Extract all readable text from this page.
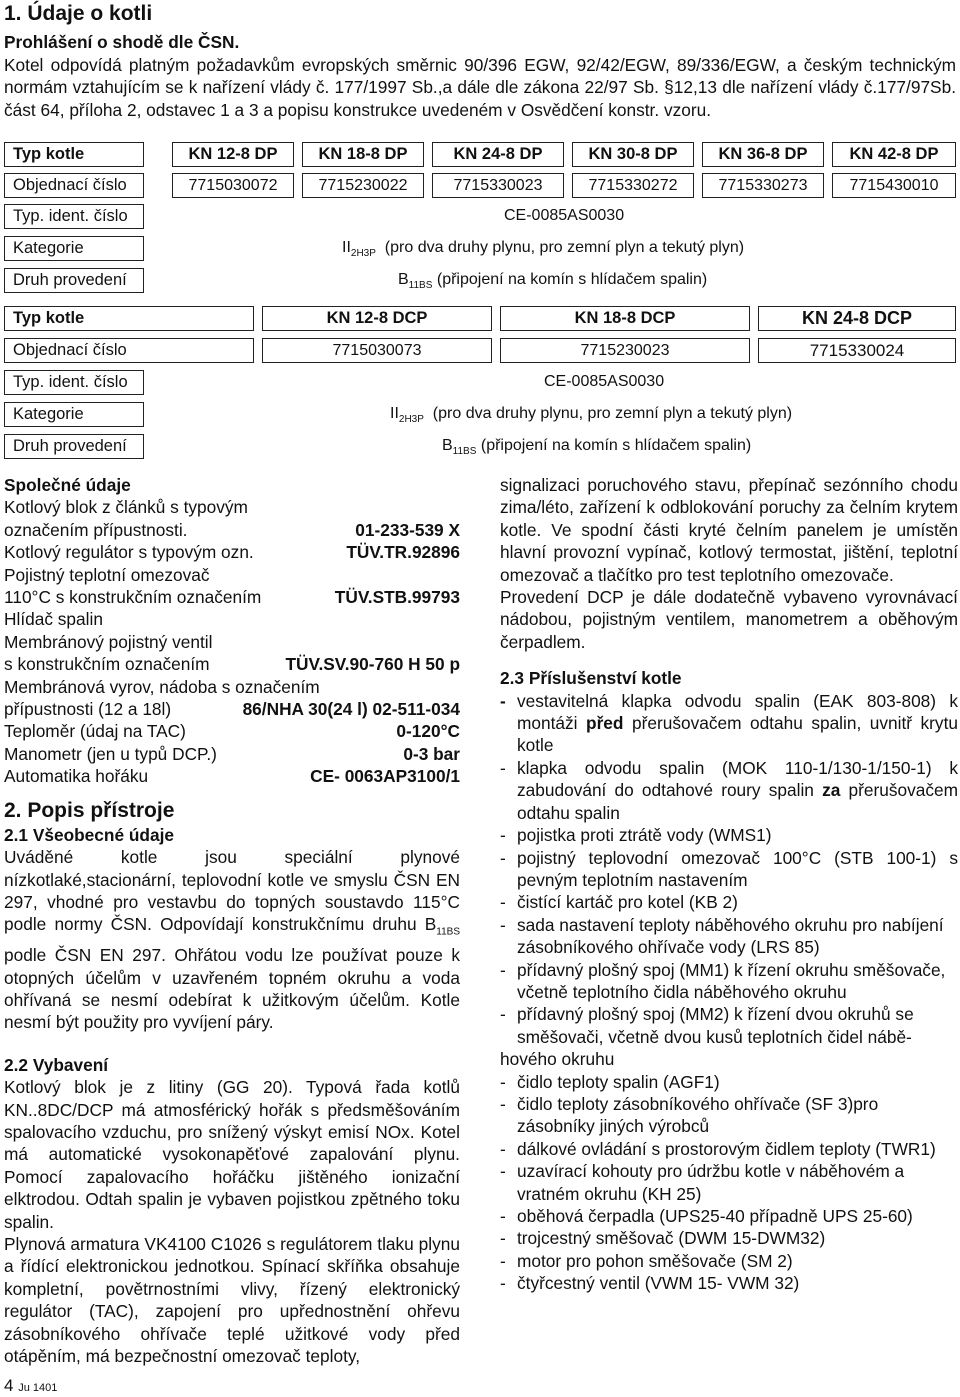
1. Údaje o kotli
Prohlášení o shodě dle ČSN.
Kotel odpovídá platným požadavkům evropských směrnic 90/396 EGW, 92/42/EGW, 89/336/EGW, a českým technickým normám vztahujícím se k nařízení vlády č. 177/1997 Sb.,a dále dle zákona 22/97 Sb. §12,13 dle nařízení vlády č.177/97Sb. část 64, příloha 2, odstavec 1 a 3 a popisu konstrukce uvedeném v Osvědčení konstr. vzoru.
Typ kotle	KN 12-8 DP	KN 18-8 DP	KN 24-8 DP	KN 30-8 DP	KN 36-8 DP	KN 42-8 DP
Objednací číslo	7715030072	7715230022	7715330023	7715330272	7715330273	7715430010
Typ. ident. číslo	CE-0085AS0030
Kategorie	$II_{2H3P}$ (pro dva druhy plynu, pro zemní plyn a tekutý plyn)
Druh provedení	$B_{11BS}$ (připojení na komín s hlídačem spalin)
Typ kotle	KN 12-8 DCP	KN 18-8 DCP	KN 24-8 DCP
Objednací číslo	7715030073	7715230023	7715330024
Typ. ident. číslo	CE-0085AS0030
Kategorie	$II_{2H3P}$ (pro dva druhy plynu, pro zemní plyn a tekutý plyn)
Druh provedení	$B_{11BS}$ (připojení na komín s hlídačem spalin)

Společné údaje

Kotlový blok z článků s typovým

označením přípustnosti.	01-233-539 X

Kotlový regulátor s typovým ozn.	TÜV.TR.92896

Pojistný teplotní omezovač

110°C s konstrukčním označením	TÜV.STB.99793

Hlídač spalin

Membránový pojistný ventil

s konstrukčním označením	TÜV.SV.90-760 H 50 p

Membránová vyrov, nádoba s označením

přípustnosti (12 a 18l)	86/NHA 30(24 l) 02-511-034

Teploměr (údaj na TAC)	0-120°C

Manometr (jen u typů DCP.)	0-3 bar

Automatika hořáku	CE- 0063AP3100/1

2. Popis přístroje

2.1 Všeobecné údaje

Uváděné kotle jsou speciální plynové nízkotlaké,stacionární, teplovodní kotle ve smyslu ČSN EN 297, vhodné pro vestavbu do topných soustavdo 115°C podle normy ČSN. Odpovídají konstrukčnímu druhu $B_{11BS}$ podle ČSN EN 297. Ohřátou vodu lze používat pouze k otopných účelům v uzavřeném topném okruhu a voda ohřívaná se nesmí odebírat k užitkovým účelům. Kotle nesmí být použity pro vyvíjení páry.

2.2 Vybavení

Kotlový blok je z litiny (GG 20). Typová řada kotlů KN..8DC/DCP má atmosférický hořák s předsměšováním spalovacího vzduchu, pro snížený výskyt emisí NOx. Kotel má automatické vysokonapěťové zapalování plynu. Pomocí zapalovacího hořáčku jištěného ionizační elktrodou. Odtah spalin je vybaven pojistkou zpětného toku spalin.

Plynová armatura VK4100 C1026 s regulátorem tlaku plynu a řídící elektronickou jednotkou. Spínací skříňka obsahuje kompletní, povětrnostními vlivy, řízený elektronický regulátor (TAC), zapojení pro upřednostnění ohřevu zásobníkového ohřívače teplé užitkové vody před otápěním, má bezpečnostní omezovač teploty,

signalizaci poruchového stavu, přepínač sezónního chodu zima/léto, zařízení k odblokování poruchy za čelním krytem kotle. Ve spodní části kryté čelním panelem je umístěn hlavní provozní vypínač, kotlový termostat, jištění, teplotní omezovač a tlačítko pro test teplotního omezovače.

Provedení DCP je dále dodatečně vybaveno vyrovnávací nádobou, pojistným ventilem, manometrem a oběhovým čerpadlem.

2.3 Příslušenství kotle

- vestavitelná klapka odvodu spalin (EAK 803-808) k montáži před přerušovačem odtahu spalin, uvnitř krytu kotle

- klapka odvodu spalin (MOK 110-1/130-1/150-1) k zabudování do odtahové roury spalin za přerušovačem odtahu spalin

- pojistka proti ztrátě vody (WMS1)

- pojistný teplovodní omezovač 100°C (STB 100-1) s pevným teplotním nastavením

- čistící kartáč pro kotel (KB 2)

- sada nastavení teploty náběhového okruhu pro nabíjení zásobníkového ohřívače vody (LRS 85)

- přídavný plošný spoj (MM1) k řízení okruhu směšovače, včetně teplotního čidla náběhového okruhu

- přídavný plošný spoj (MM2) k řízení dvou okruhů se směšovači, včetně dvou kusů teplotních čidel nábě-

hového okruhu

- čidlo teploty spalin (AGF1)

- čidlo teploty zásobníkového ohřívače (SF 3)pro zásobníky jiných výrobců

- dálkové ovládání s prostorovým čidlem teploty (TWR1)

- uzavírací kohouty pro údržbu kotle v náběhovém a vratném okruhu (KH 25)

- oběhová čerpadla (UPS25-40 případně UPS 25-60)

- trojcestný směšovač (DWM 15-DWM32)

- motor pro pohon směšovače (SM 2)

- čtyřcestný ventil (VWM 15- VWM 32)

4 Ju 1401
